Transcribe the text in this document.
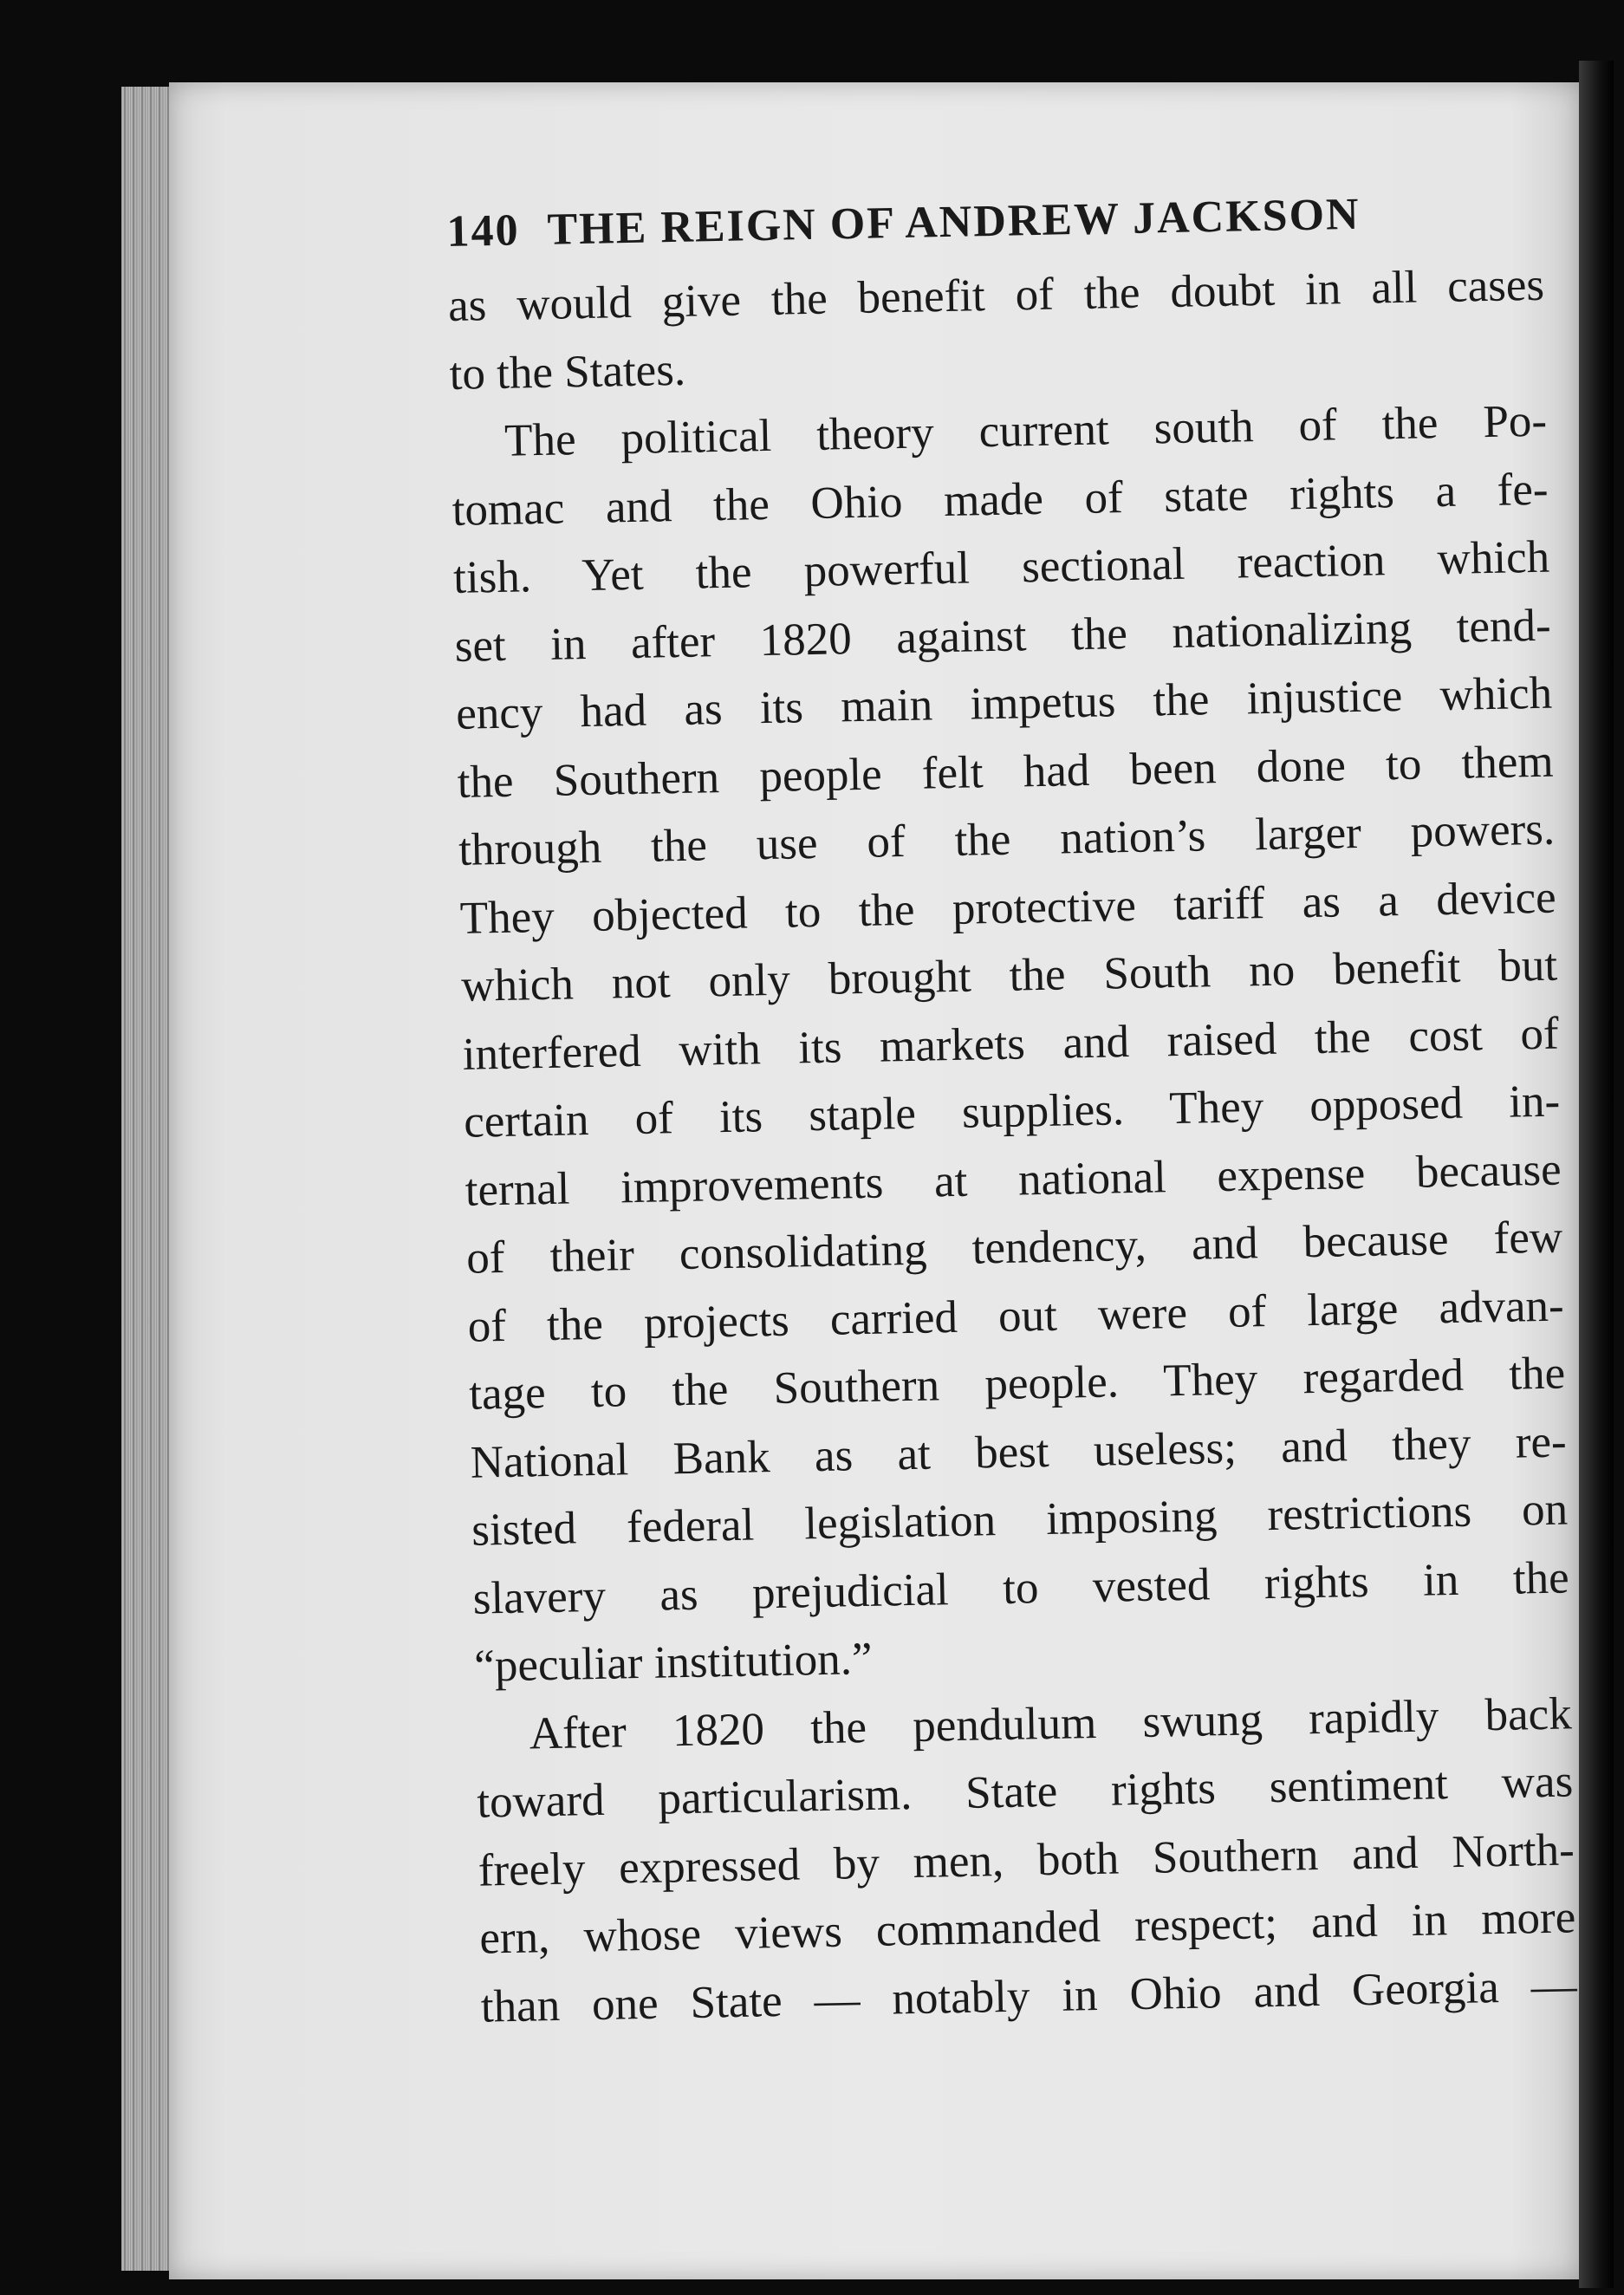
140 THE REIGN OF ANDREW JACKSON

as would give the benefit of the doubt in all cases
to the States.

The political theory current south of the Po-
tomac and the Ohio made of state rights a fe-
tish. Yet the powerful sectional reaction which
set in after 1820 against the nationalizing tend-
ency had as its main impetus the injustice which
the Southern people felt had been done to them
through the use of the nation’s larger powers.
They objected to the protective tariff as a device
which not only brought the South no benefit but
interfered with its markets and raised the cost of
certain of its staple supplies. They opposed in-
ternal improvements at national expense because
of their consolidating tendency, and because few
of the projects carried out were of large advan-
tage to the Southern people. They regarded the
National Bank as at best useless; and they re-
sisted federal legislation imposing restrictions on
slavery as prejudicial to vested rights in the
“peculiar institution.”

After 1820 the pendulum swung rapidly back
toward particularism. State rights sentiment was
freely expressed by men, both Southern and North-
ern, whose views commanded respect; and in more
than one State — notably in Ohio and Georgia —
